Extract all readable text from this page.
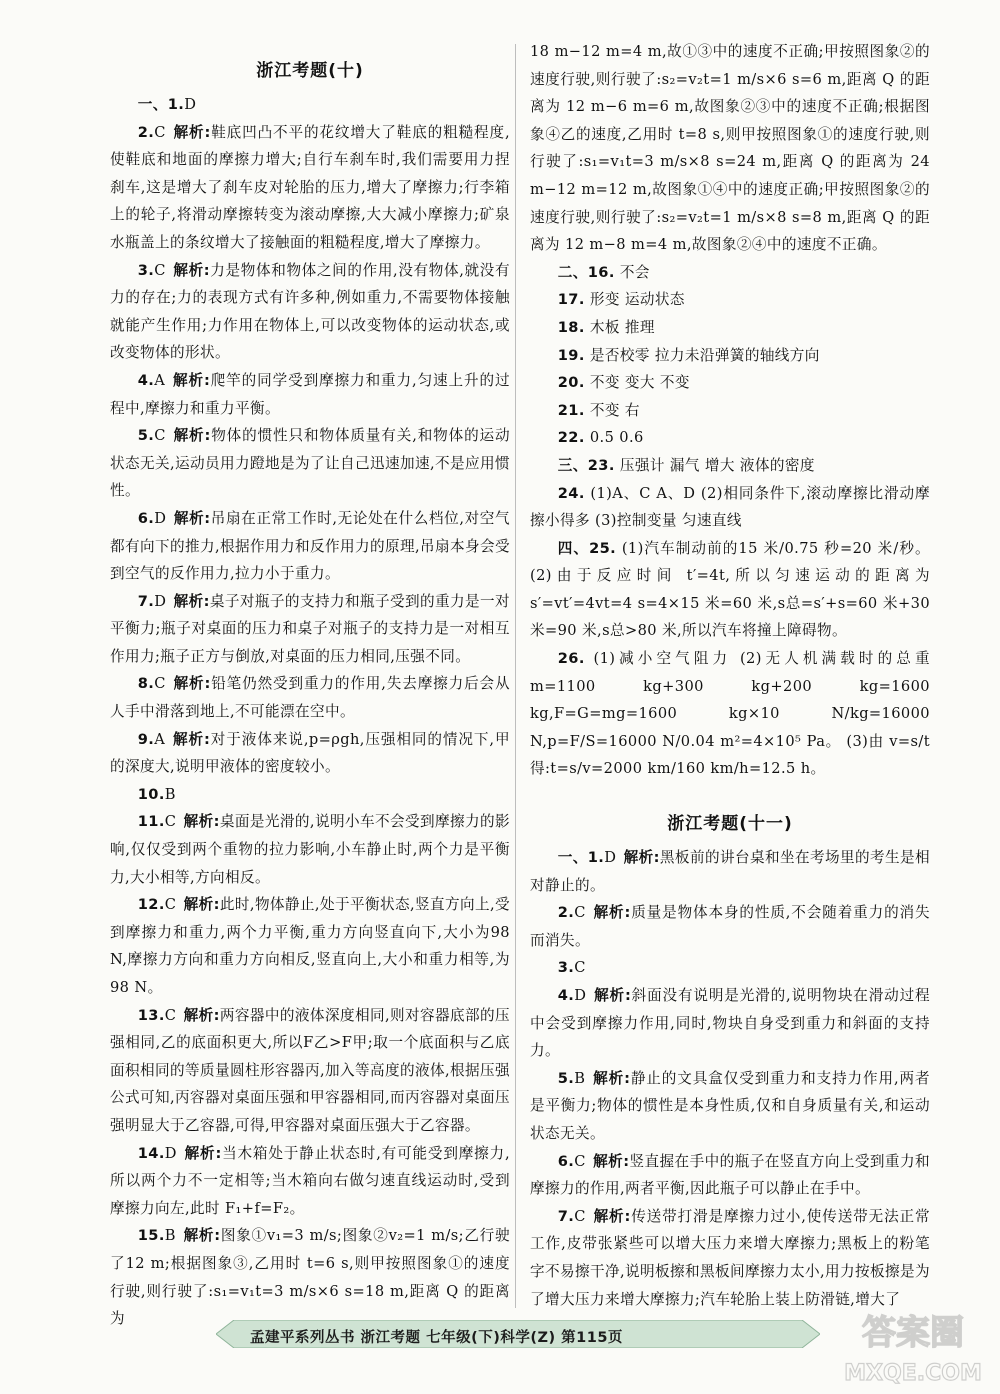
浙江考题(十)

一、1.D

2.C 解析:鞋底凹凸不平的花纹增大了鞋底的粗糙程度,使鞋底和地面的摩擦力增大;自行车刹车时,我们需要用力捏刹车,这是增大了刹车皮对轮胎的压力,增大了摩擦力;行李箱上的轮子,将滑动摩擦转变为滚动摩擦,大大减小摩擦力;矿泉水瓶盖上的条纹增大了接触面的粗糙程度,增大了摩擦力。

3.C 解析:力是物体和物体之间的作用,没有物体,就没有力的存在;力的表现方式有许多种,例如重力,不需要物体接触就能产生作用;力作用在物体上,可以改变物体的运动状态,或改变物体的形状。

4.A 解析:爬竿的同学受到摩擦力和重力,匀速上升的过程中,摩擦力和重力平衡。

5.C 解析:物体的惯性只和物体质量有关,和物体的运动状态无关,运动员用力蹬地是为了让自己迅速加速,不是应用惯性。

6.D 解析:吊扇在正常工作时,无论处在什么档位,对空气都有向下的推力,根据作用力和反作用力的原理,吊扇本身会受到空气的反作用力,拉力小于重力。

7.D 解析:桌子对瓶子的支持力和瓶子受到的重力是一对平衡力;瓶子对桌面的压力和桌子对瓶子的支持力是一对相互作用力;瓶子正方与倒放,对桌面的压力相同,压强不同。

8.C 解析:铅笔仍然受到重力的作用,失去摩擦力后会从人手中滑落到地上,不可能漂在空中。

9.A 解析:对于液体来说,p=ρgh,压强相同的情况下,甲的深度大,说明甲液体的密度较小。

10.B

11.C 解析:桌面是光滑的,说明小车不会受到摩擦力的影响,仅仅受到两个重物的拉力影响,小车静止时,两个力是平衡力,大小相等,方向相反。

12.C 解析:此时,物体静止,处于平衡状态,竖直方向上,受到摩擦力和重力,两个力平衡,重力方向竖直向下,大小为98 N,摩擦力方向和重力方向相反,竖直向上,大小和重力相等,为98 N。

13.C 解析:两容器中的液体深度相同,则对容器底部的压强相同,乙的底面积更大,所以F乙>F甲;取一个底面积与乙底面积相同的等质量圆柱形容器丙,加入等高度的液体,根据压强公式可知,丙容器对桌面压强和甲容器相同,而丙容器对桌面压强明显大于乙容器,可得,甲容器对桌面压强大于乙容器。

14.D 解析:当木箱处于静止状态时,有可能受到摩擦力,所以两个力不一定相等;当木箱向右做匀速直线运动时,受到摩擦力向左,此时 F₁+f=F₂。

15.B 解析:图象①v₁=3 m/s;图象②v₂=1 m/s;乙行驶了12 m;根据图象③,乙用时 t=6 s,则甲按照图象①的速度行驶,则行驶了:s₁=v₁t=3 m/s×6 s=18 m,距离 Q 的距离为

18 m−12 m=4 m,故①③中的速度不正确;甲按照图象②的速度行驶,则行驶了:s₂=v₂t=1 m/s×6 s=6 m,距离 Q 的距离为 12 m−6 m=6 m,故图象②③中的速度不正确;根据图象④乙的速度,乙用时 t=8 s,则甲按照图象①的速度行驶,则行驶了:s₁=v₁t=3 m/s×8 s=24 m,距离 Q 的距离为 24 m−12 m=12 m,故图象①④中的速度正确;甲按照图象②的速度行驶,则行驶了:s₂=v₂t=1 m/s×8 s=8 m,距离 Q 的距离为 12 m−8 m=4 m,故图象②④中的速度不正确。

二、16. 不会

17. 形变 运动状态

18. 木板 推理

19. 是否校零 拉力未沿弹簧的轴线方向

20. 不变 变大 不变

21. 不变 右

22. 0.5 0.6

三、23. 压强计 漏气 增大 液体的密度

24. (1)A、C A、D (2)相同条件下,滚动摩擦比滑动摩擦小得多 (3)控制变量 匀速直线

四、25. (1)汽车制动前的15 米/0.75 秒=20 米/秒。 (2)由于反应时间 t′=4t,所以匀速运动的距离为 s′=vt′=4vt=4 s=4×15 米=60 米,s总=s′+s=60 米+30 米=90 米,s总>80 米,所以汽车将撞上障碍物。

26. (1)减小空气阻力 (2)无人机满载时的总重 m=1100 kg+300 kg+200 kg=1600 kg,F=G=mg=1600 kg×10 N/kg=16000 N,p=F/S=16000 N/0.04 m²=4×10⁵ Pa。 (3)由 v=s/t 得:t=s/v=2000 km/160 km/h=12.5 h。

浙江考题(十一)

一、1.D 解析:黑板前的讲台桌和坐在考场里的考生是相对静止的。

2.C 解析:质量是物体本身的性质,不会随着重力的消失而消失。

3.C

4.D 解析:斜面没有说明是光滑的,说明物块在滑动过程中会受到摩擦力作用,同时,物块自身受到重力和斜面的支持力。

5.B 解析:静止的文具盒仅受到重力和支持力作用,两者是平衡力;物体的惯性是本身性质,仅和自身质量有关,和运动状态无关。

6.C 解析:竖直握在手中的瓶子在竖直方向上受到重力和摩擦力的作用,两者平衡,因此瓶子可以静止在手中。

7.C 解析:传送带打滑是摩擦力过小,使传送带无法正常工作,皮带张紧些可以增大压力来增大摩擦力;黑板上的粉笔字不易擦干净,说明板擦和黑板间摩擦力太小,用力按板擦是为了增大压力来增大摩擦力;汽车轮胎上装上防滑链,增大了

孟建平系列丛书 浙江考题 七年级(下)科学(Z) 第115页	答案圈
MXQE.COM
